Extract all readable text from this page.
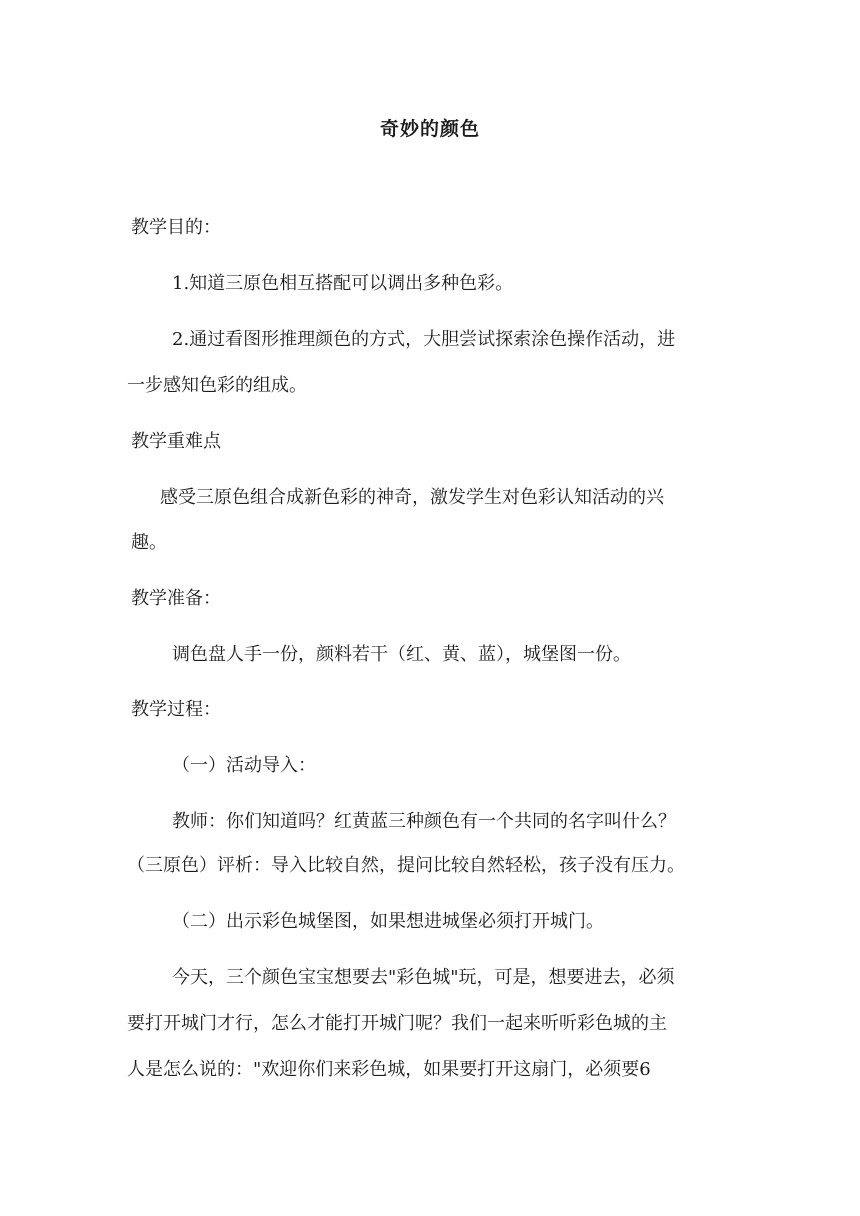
奇妙的颜色
教学目的：
1.知道三原色相互搭配可以调出多种色彩。
2.通过看图形推理颜色的方式，大胆尝试探索涂色操作活动，进
一步感知色彩的组成。
教学重难点
感受三原色组合成新色彩的神奇，激发学生对色彩认知活动的兴
趣。
教学准备：
调色盘人手一份，颜料若干（红、黄、蓝），城堡图一份。
教学过程：
（一）活动导入：
教师：你们知道吗？红黄蓝三种颜色有一个共同的名字叫什么？
（三原色）评析：导入比较自然，提问比较自然轻松，孩子没有压力。
（二）出示彩色城堡图，如果想进城堡必须打开城门。
今天，三个颜色宝宝想要去"彩色城"玩，可是，想要进去，必须
要打开城门才行，怎么才能打开城门呢？我们一起来听听彩色城的主
人是怎么说的："欢迎你们来彩色城，如果要打开这扇门，必须要6
